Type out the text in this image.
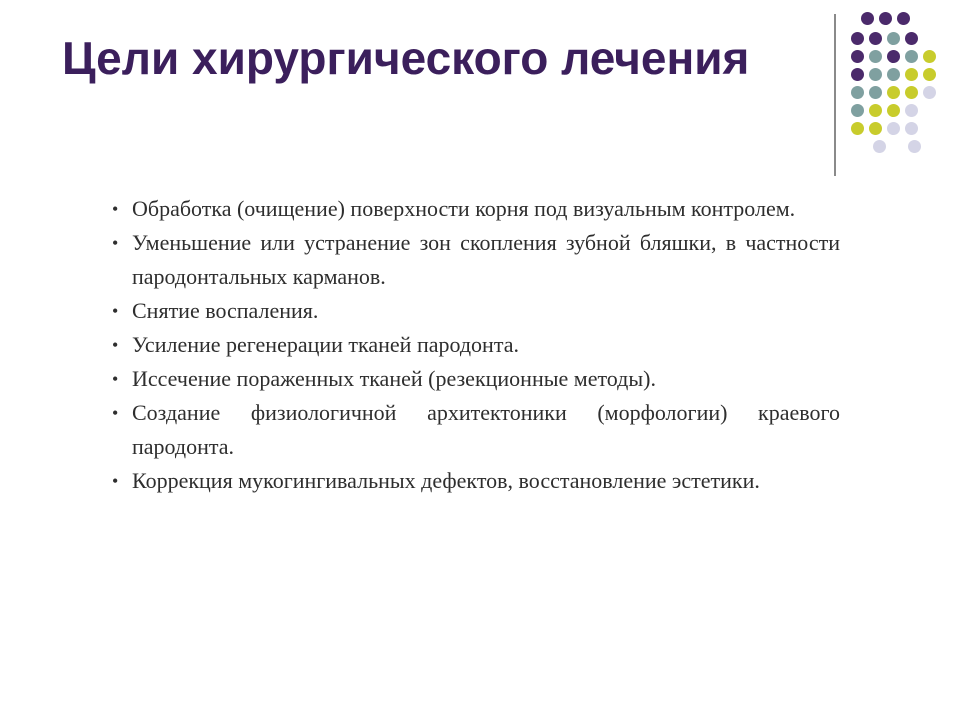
Цели хирургического лечения
• Обработка (очищение) поверхности корня под визуальным контролем.
• Уменьшение или устранение зон скопления зубной бляшки, в частности пародонтальных карманов.
• Снятие воспаления.
• Усиление регенерации тканей пародонта.
• Иссечение пораженных тканей (резекционные методы).
• Создание физиологичной архитектоники (морфологии) краевого пародонта.
• Коррекция мукогингивальных дефектов, восстановление эстетики.
